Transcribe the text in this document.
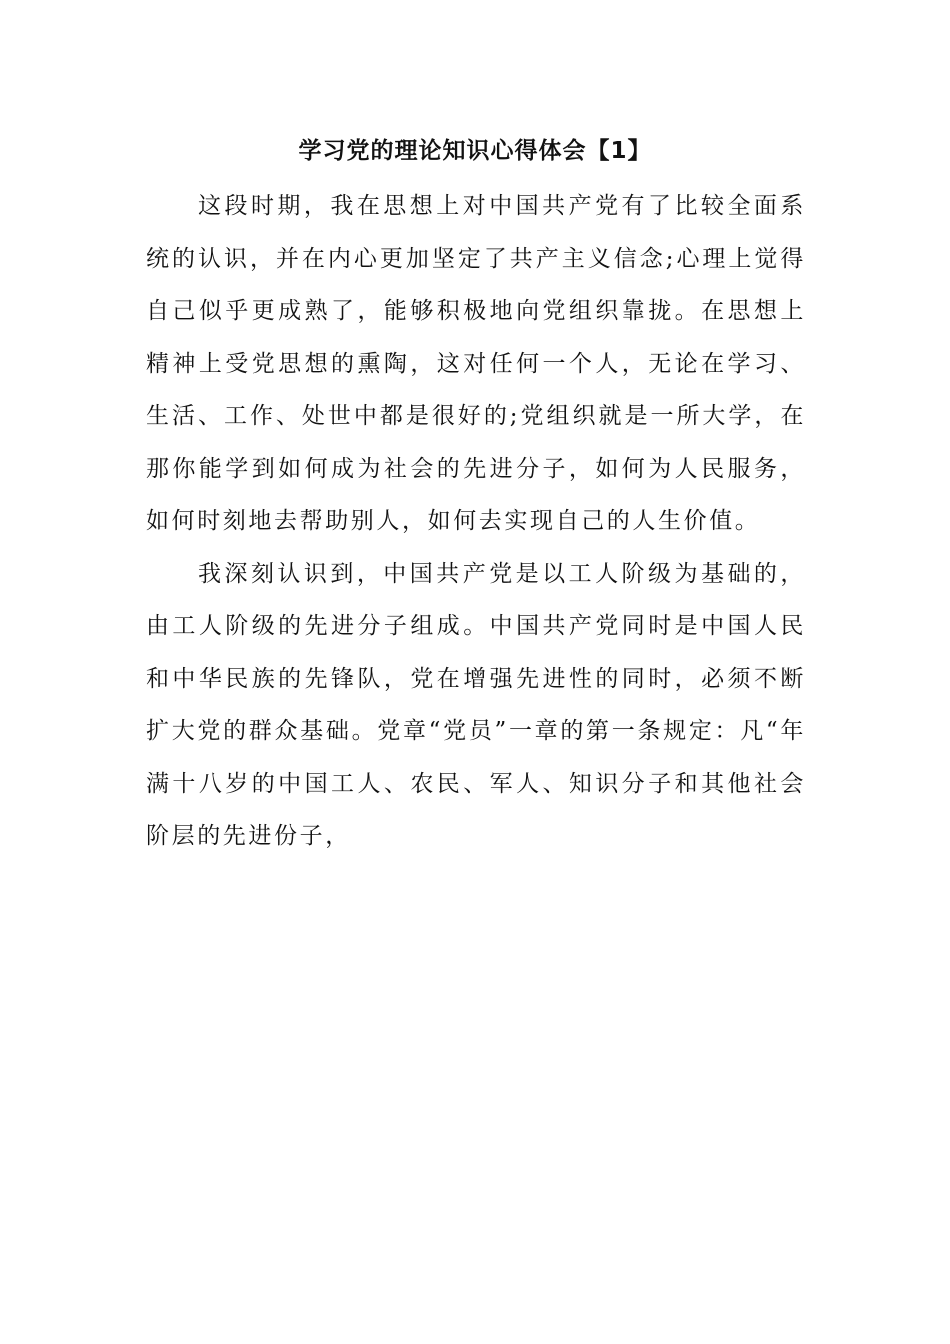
学习党的理论知识心得体会【1】

这段时期，我在思想上对中国共产党有了比较全面系统的认识，并在内心更加坚定了共产主义信念;心理上觉得自己似乎更成熟了，能够积极地向党组织靠拢。在思想上精神上受党思想的熏陶，这对任何一个人，无论在学习、生活、工作、处世中都是很好的;党组织就是一所大学，在那你能学到如何成为社会的先进分子，如何为人民服务，如何时刻地去帮助别人，如何去实现自己的人生价值。

我深刻认识到，中国共产党是以工人阶级为基础的，由工人阶级的先进分子组成。中国共产党同时是中国人民和中华民族的先锋队，党在增强先进性的同时，必须不断扩大党的群众基础。党章“党员”一章的第一条规定：凡“年满十八岁的中国工人、农民、军人、知识分子和其他社会阶层的先进份子，
